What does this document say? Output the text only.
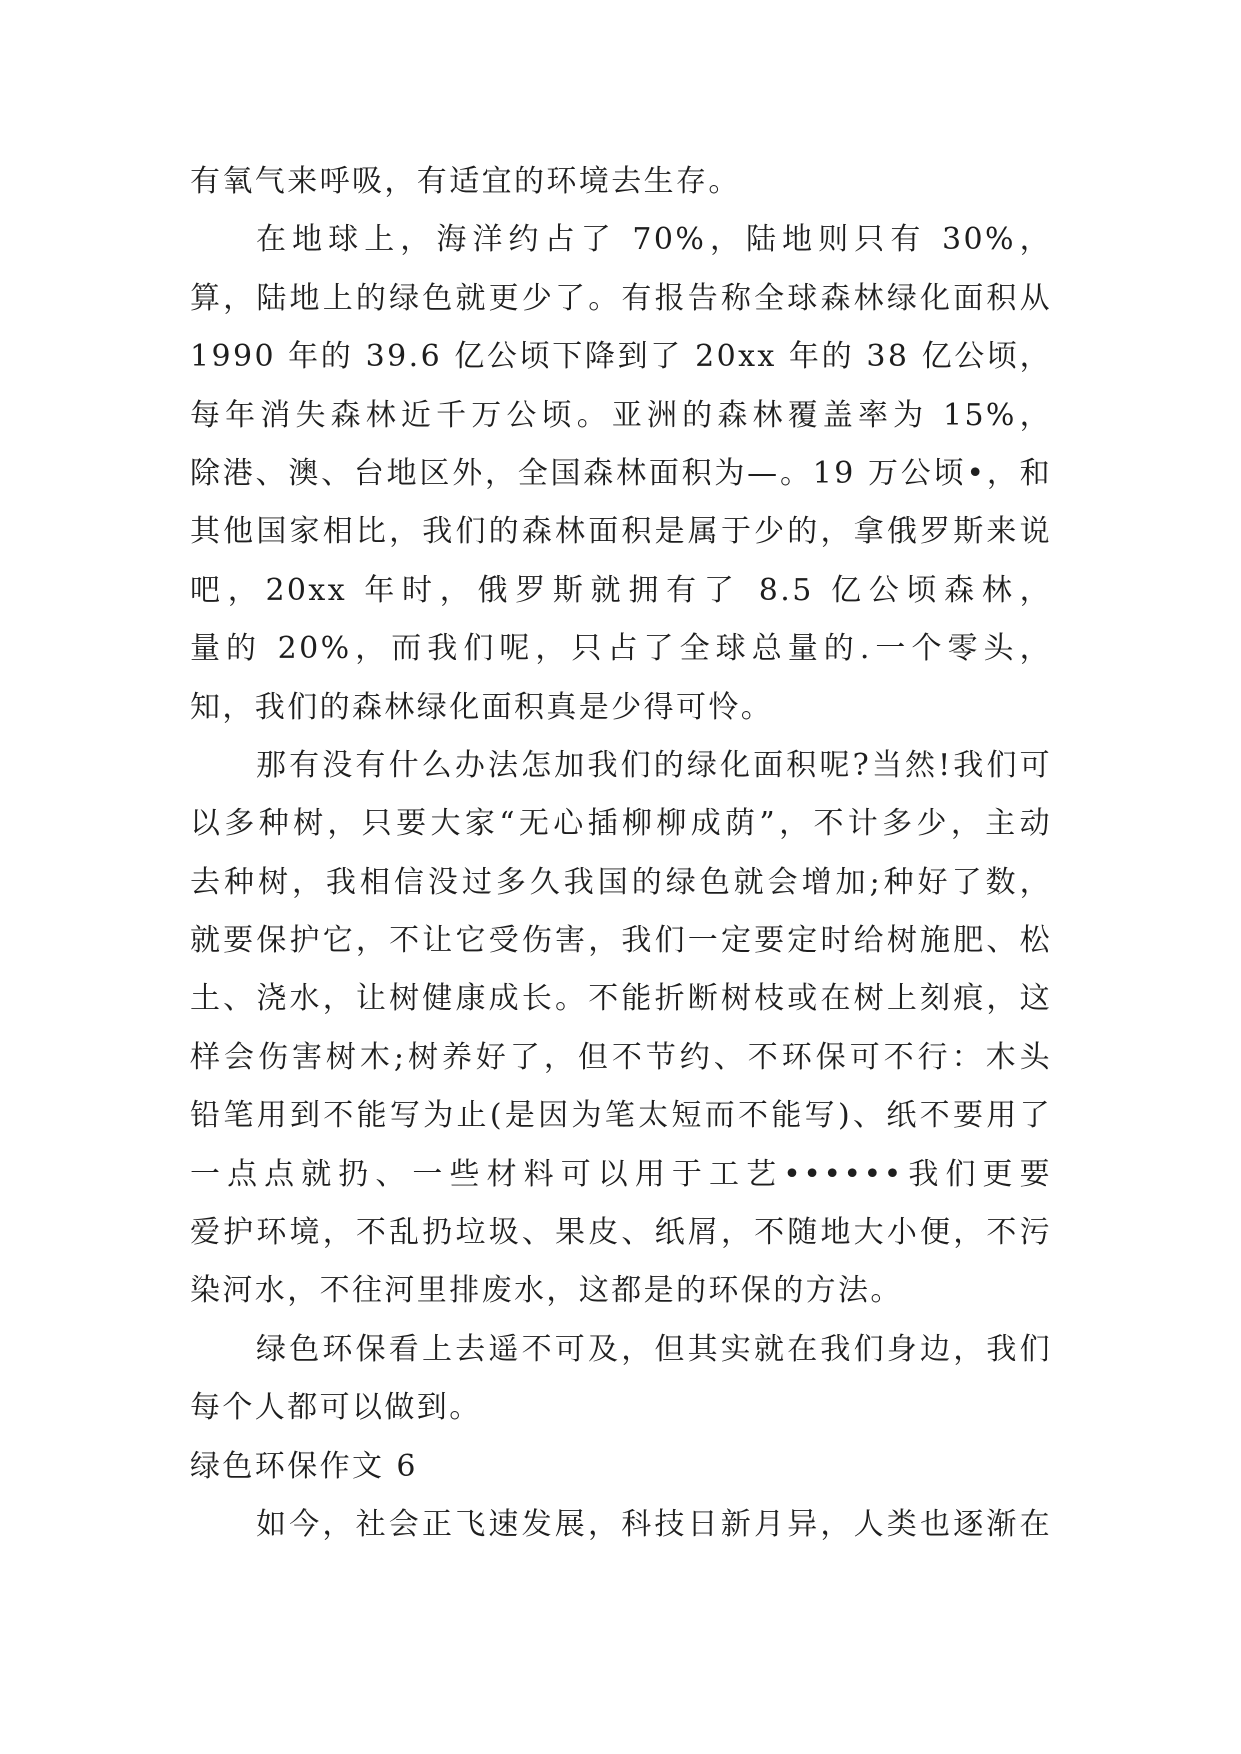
有氧气来呼吸，有适宜的环境去生存。
在地球上，海洋约占了 70%，陆地则只有 30%，
算，陆地上的绿色就更少了。有报告称全球森林绿化面积从
1990 年的 39.6 亿公顷下降到了 20xx 年的 38 亿公顷，
每年消失森林近千万公顷。亚洲的森林覆盖率为 15%，
除港、澳、台地区外，全国森林面积为—。19 万公顷•，和
其他国家相比，我们的森林面积是属于少的，拿俄罗斯来说
吧，20xx 年时，俄罗斯就拥有了 8.5 亿公顷森林，
量的 20%，而我们呢，只占了全球总量的.一个零头，
知，我们的森林绿化面积真是少得可怜。
那有没有什么办法怎加我们的绿化面积呢?当然!我们可
以多种树，只要大家“无心插柳柳成荫”，不计多少，主动
去种树，我相信没过多久我国的绿色就会增加;种好了数，
就要保护它，不让它受伤害，我们一定要定时给树施肥、松
土、浇水，让树健康成长。不能折断树枝或在树上刻痕，这
样会伤害树木;树养好了，但不节约、不环保可不行：木头
铅笔用到不能写为止(是因为笔太短而不能写)、纸不要用了
一点点就扔、一些材料可以用于工艺••••••我们更要
爱护环境，不乱扔垃圾、果皮、纸屑，不随地大小便，不污
染河水，不往河里排废水，这都是的环保的方法。
绿色环保看上去遥不可及，但其实就在我们身边，我们
每个人都可以做到。
绿色环保作文 6
如今，社会正飞速发展，科技日新月异，人类也逐渐在
